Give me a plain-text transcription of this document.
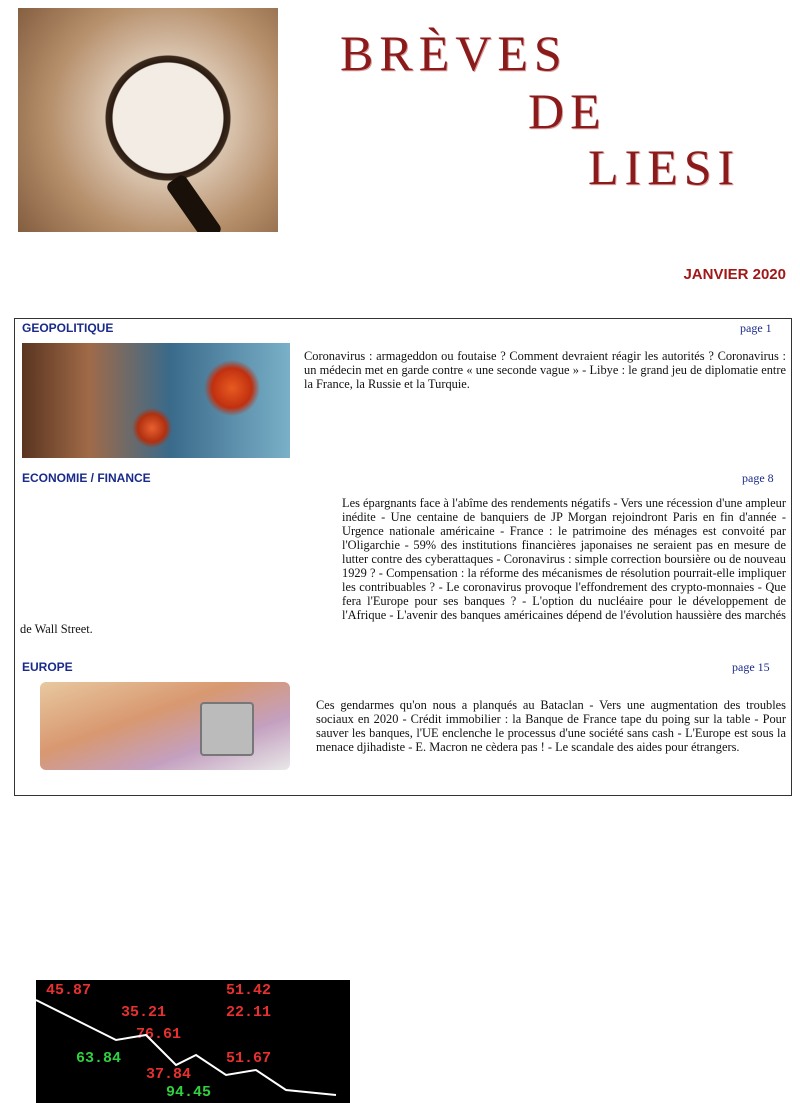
BRÈVES
DE
LIESI
JANVIER 2020
GEOPOLITIQUE	page 1
Coronavirus : armageddon ou foutaise ? Comment devraient réagir les autorités ? Coronavirus : un médecin met en garde contre « une seconde vague » - Libye : le grand jeu de diplomatie entre la France, la Russie et la Turquie.
ECONOMIE / FINANCE	page 8
45.87	51.42
35.21	22.11
76.61
63.84	51.67
37.84
94.45
Les épargnants face à l'abîme des rendements négatifs - Vers une récession d'une ampleur inédite - Une centaine de banquiers de JP Morgan rejoindront Paris en fin d'année - Urgence nationale américaine - France : le patrimoine des ménages est convoité par l'Oligarchie - 59% des institutions financières japonaises ne seraient pas en mesure de lutter contre des cyberattaques - Coronavirus : simple correction boursière ou de nouveau 1929 ? - Compensation : la réforme des mécanismes de résolution pourrait-elle impliquer les contribuables ? - Le coronavirus provoque l'effondrement des crypto-monnaies - Que fera l'Europe pour ses banques ? - L'option du nucléaire pour le développement de l'Afrique - L'avenir des banques américaines dépend de l'évolution haussière des marchés de Wall Street.
EUROPE	page 15
Ces gendarmes qu'on nous a planqués au Bataclan - Vers une augmentation des troubles sociaux en 2020 - Crédit immobilier : la Banque de France tape du poing sur la table - Pour sauver les banques, l'UE enclenche le processus d'une société sans cash - L'Europe est sous la menace djihadiste - E. Macron ne cèdera pas ! - Le scandale des aides pour étrangers.
